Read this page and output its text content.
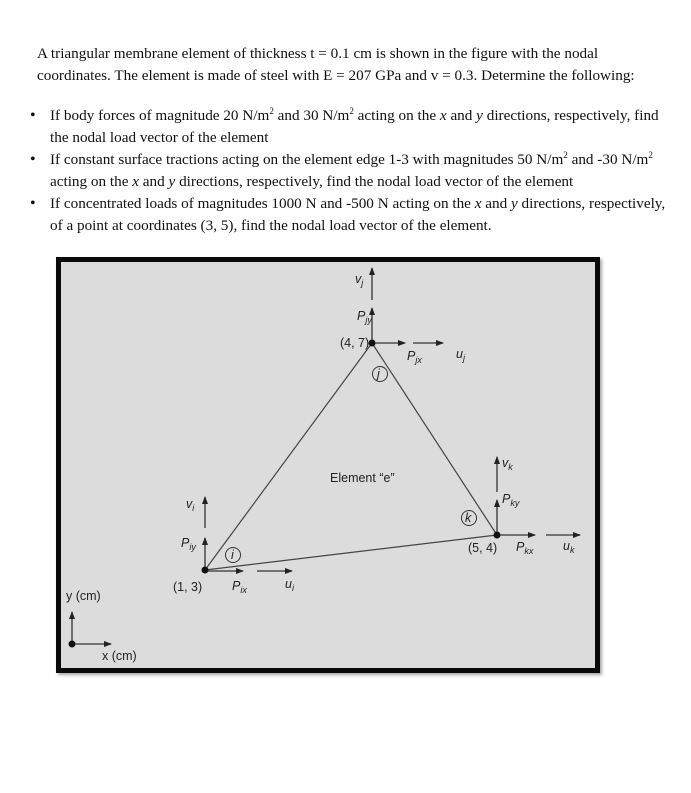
A triangular membrane element of thickness t = 0.1 cm is shown in the figure with the nodal

coordinates. The element is made of steel with E = 207 GPa and v = 0.3. Determine the following:

• If body forces of magnitude 20 $N/m^2$ and 30 $N/m^2$ acting on the x and y directions, respectively, find the nodal load vector of the element
• If constant surface tractions acting on the element edge 1-3 with magnitudes 50 $N/m^2$ and -30 $N/m^2$ acting on the x and y directions, respectively, find the nodal load vector of the element
• If concentrated loads of magnitudes 1000 N and -500 N acting on the x and y directions, respectively, of a point at coordinates (3, 5), find the nodal load vector of the element.
Element “e”
(4, 7)
$v_j$
$P_{jy}$
$P_{jx}$	$u_j$
j
(5, 4)
$v_k$
$P_{ky}$
$P_{kx}$ $u_k$
k
(1, 3)
$v_i$
$P_{iy}$
$P_{ix}$	$u_i$
i
y (cm)
x (cm)
